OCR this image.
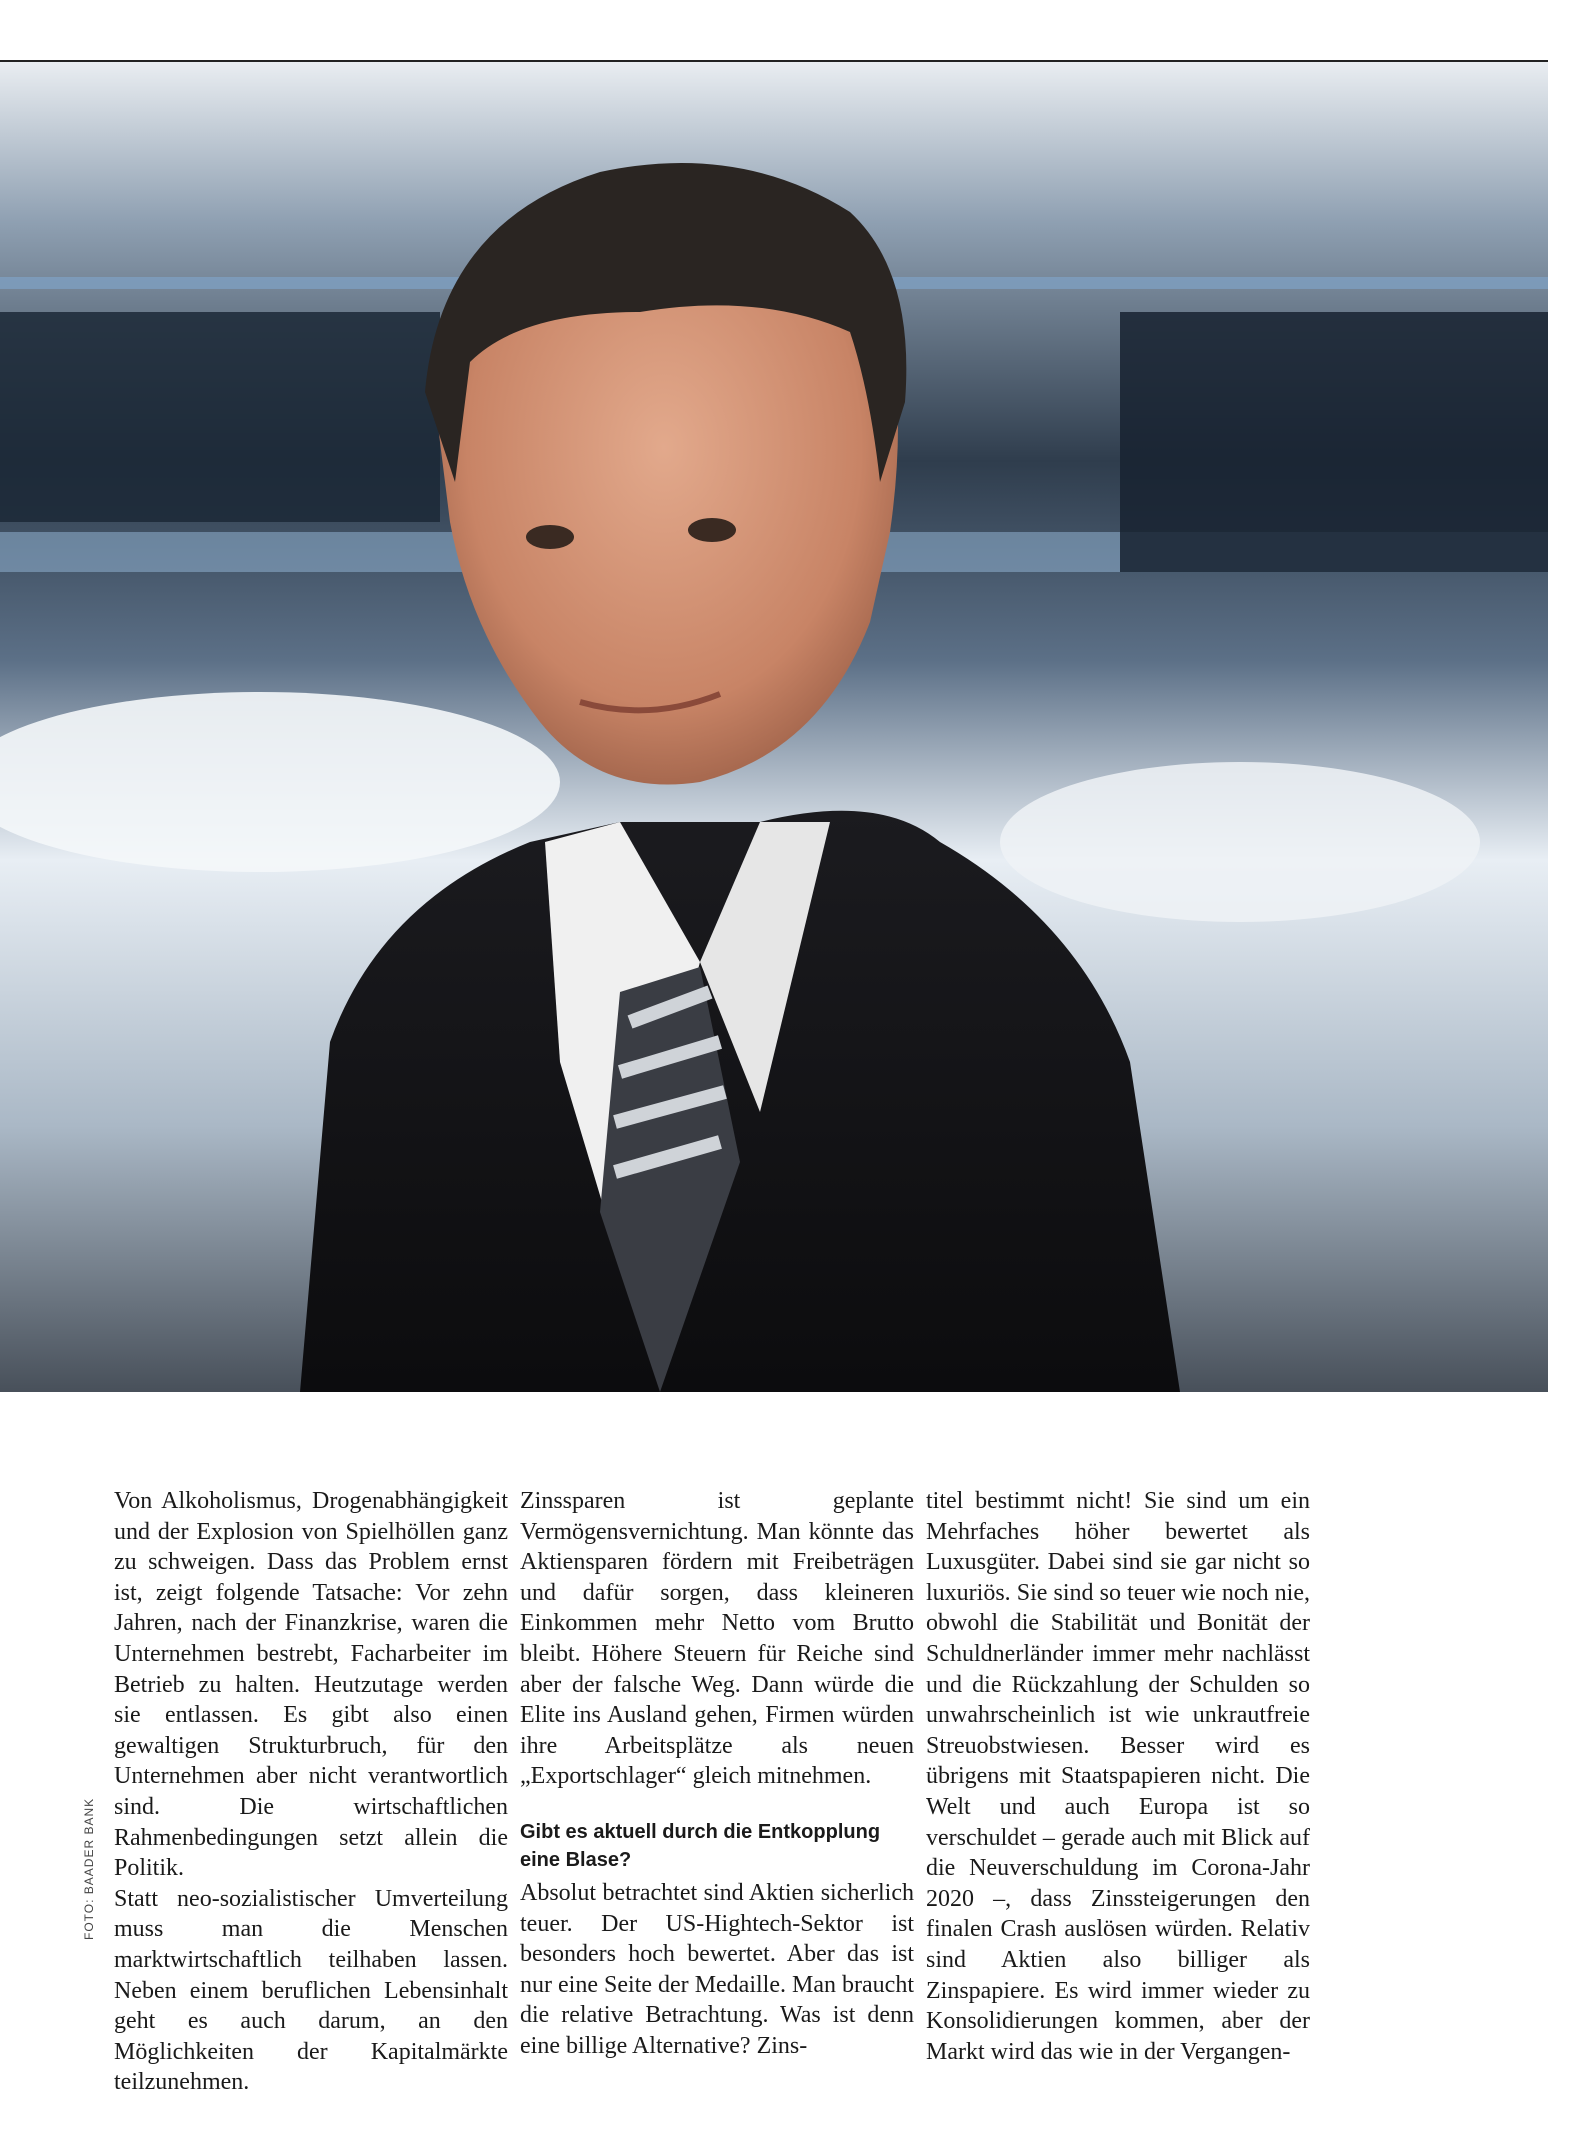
FOTO: BAADER BANK

Von Alkoholismus, Drogenabhängigkeit und der Explosion von Spielhöllen ganz zu schweigen. Dass das Problem ernst ist, zeigt folgende Tatsache: Vor zehn Jahren, nach der Finanzkrise, waren die Unternehmen bestrebt, Facharbeiter im Betrieb zu halten. Heutzutage werden sie entlassen. Es gibt also einen gewaltigen Strukturbruch, für den Unternehmen aber nicht verantwortlich sind. Die wirtschaftlichen Rahmenbedingungen setzt allein die Politik.

Statt neo-sozialistischer Umverteilung muss man die Menschen marktwirtschaftlich teilhaben lassen. Neben einem beruflichen Lebensinhalt geht es auch darum, an den Möglichkeiten der Kapitalmärkte teilzunehmen.

Zinssparen ist geplante Vermögensvernichtung. Man könnte das Aktiensparen fördern mit Freibeträgen und dafür sorgen, dass kleineren Einkommen mehr Netto vom Brutto bleibt. Höhere Steuern für Reiche sind aber der falsche Weg. Dann würde die Elite ins Ausland gehen, Firmen würden ihre Arbeitsplätze als neuen „Exportschlager“ gleich mitnehmen.

Gibt es aktuell durch die Entkopplung eine Blase?

Absolut betrachtet sind Aktien sicherlich teuer. Der US-Hightech-Sektor ist besonders hoch bewertet. Aber das ist nur eine Seite der Medaille. Man braucht die relative Betrachtung. Was ist denn eine billige Alternative? Zins-

titel bestimmt nicht! Sie sind um ein Mehrfaches höher bewertet als Luxusgüter. Dabei sind sie gar nicht so luxuriös. Sie sind so teuer wie noch nie, obwohl die Stabilität und Bonität der Schuldnerländer immer mehr nachlässt und die Rückzahlung der Schulden so unwahrscheinlich ist wie unkrautfreie Streuobstwiesen. Besser wird es übrigens mit Staatspapieren nicht. Die Welt und auch Europa ist so verschuldet – gerade auch mit Blick auf die Neuverschuldung im Corona-Jahr 2020 –, dass Zinssteigerungen den finalen Crash auslösen würden. Relativ sind Aktien also billiger als Zinspapiere. Es wird immer wieder zu Konsolidierungen kommen, aber der Markt wird das wie in der Vergangen-
